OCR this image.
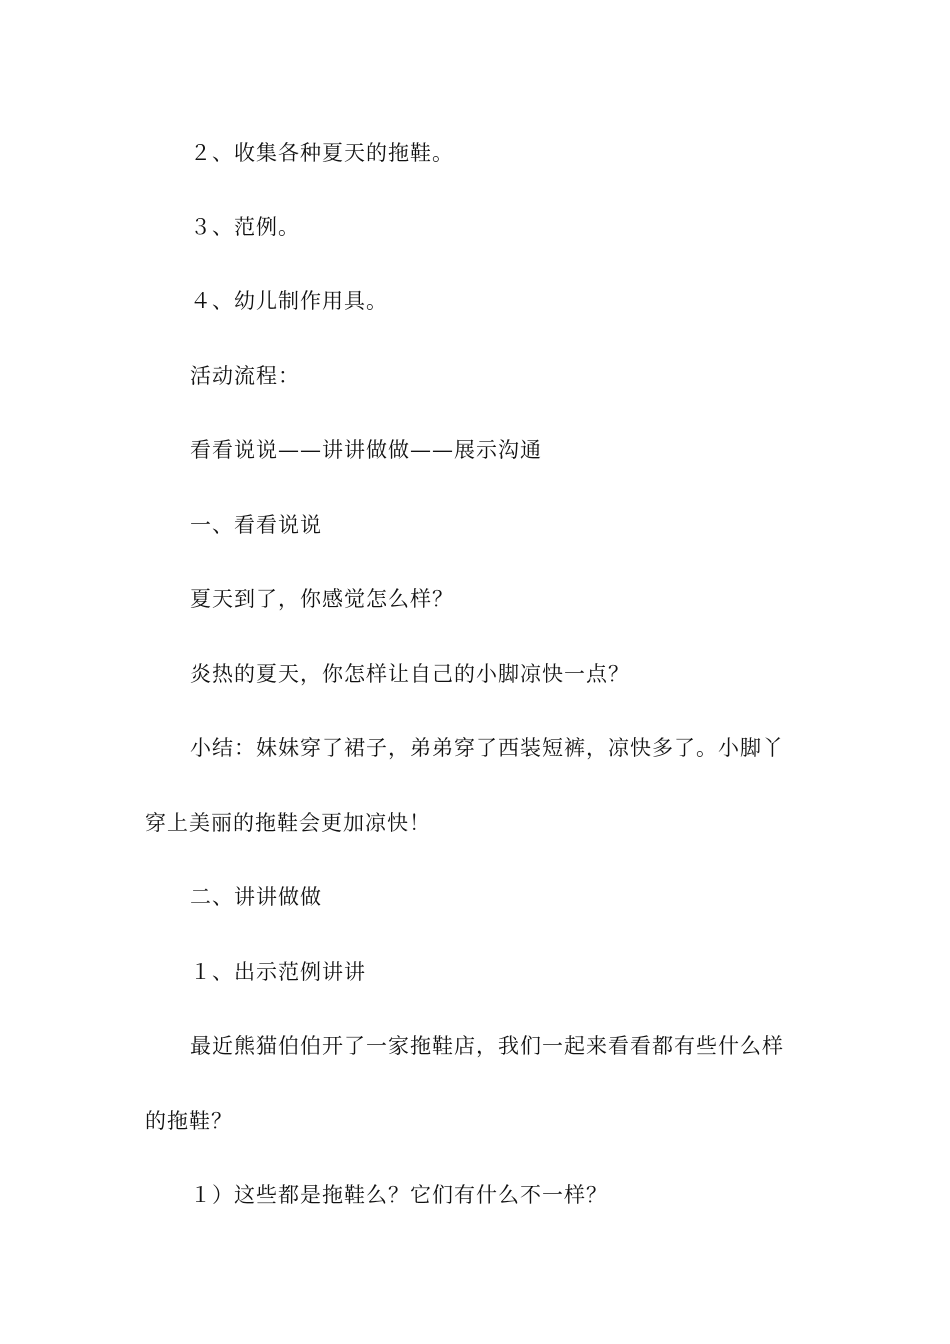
２、收集各种夏天的拖鞋。
３、范例。
４、幼儿制作用具。
活动流程：
看看说说——讲讲做做——展示沟通
一、看看说说
夏天到了，你感觉怎么样？
炎热的夏天，你怎样让自己的小脚凉快一点？
小结：妹妹穿了裙子，弟弟穿了西装短裤，凉快多了。小脚丫
穿上美丽的拖鞋会更加凉快！
二、讲讲做做
１、出示范例讲讲
最近熊猫伯伯开了一家拖鞋店，我们一起来看看都有些什么样
的拖鞋？
１）这些都是拖鞋么？它们有什么不一样？
